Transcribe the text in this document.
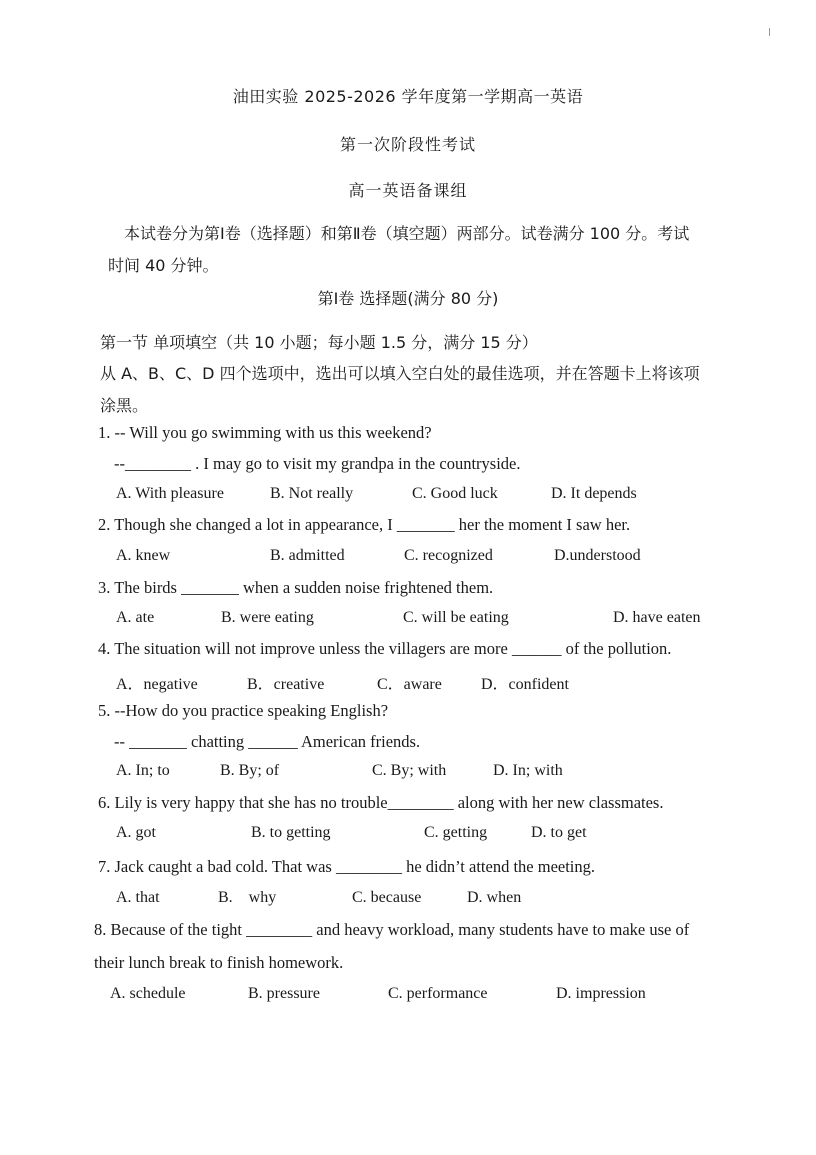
油田实验 2025-2026 学年度第一学期高一英语
第一次阶段性考试
高一英语备课组
本试卷分为第Ⅰ卷（选择题）和第Ⅱ卷（填空题）两部分。试卷满分 100 分。考试
时间 40 分钟。
第Ⅰ卷 选择题(满分 80 分)
第一节 单项填空（共 10 小题；每小题 1.5 分，满分 15 分）
从 A、B、C、D 四个选项中，选出可以填入空白处的最佳选项，并在答题卡上将该项
涂黑。
1. -- Will you go swimming with us this weekend?
--________ . I may go to visit my grandpa in the countryside.
A. With pleasure	B. Not really	C. Good luck	D. It depends
2. Though she changed a lot in appearance, I _______ her the moment I saw her.
A. knew	B. admitted	C. recognized	D.understood
3. The birds _______ when a sudden noise frightened them.
A. ate	B. were eating	C. will be eating	D. have eaten
4. The situation will not improve unless the villagers are more ______ of the pollution.
A．negative	B．creative	C．aware D．confident
5. --How do you practice speaking English?
-- _______ chatting ______ American friends.
A. In; to	B. By; of	C. By; with	D. In; with
6. Lily is very happy that she has no trouble________ along with her new classmates.
A. got	B. to getting	C. getting	D. to get
7. Jack caught a bad cold. That was ________ he didn’t attend the meeting.
A. that	B.    why	C. because	D. when
8. Because of the tight ________ and heavy workload, many students have to make use of
their lunch break to finish homework.
A. schedule	B. pressure	C. performance	D. impression
